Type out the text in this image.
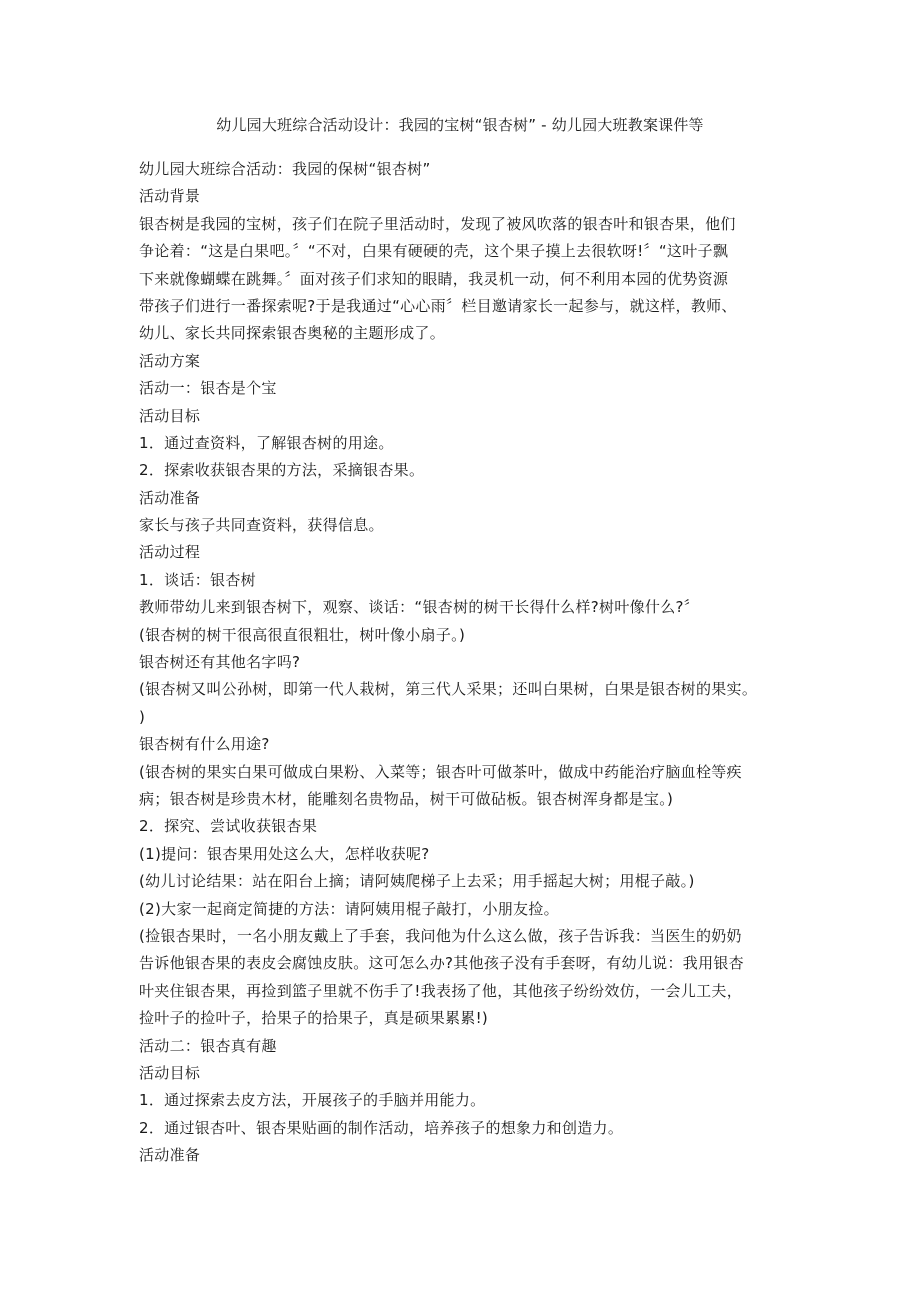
幼儿园大班综合活动设计：我园的宝树“银杏树” - 幼儿园大班教案课件等
幼儿园大班综合活动：我园的保树“银杏树”
活动背景
银杏树是我园的宝树，孩子们在院子里活动时，发现了被风吹落的银杏叶和银杏果，他们
争论着：“这是白果吧。〞“不对，白果有硬硬的壳，这个果子摸上去很软呀!〞“这叶子飘
下来就像蝴蝶在跳舞。〞面对孩子们求知的眼睛，我灵机一动，何不利用本园的优势资源
带孩子们进行一番探索呢?于是我通过“心心雨〞栏目邀请家长一起参与，就这样，教师、
幼儿、家长共同探索银杏奥秘的主题形成了。
活动方案
活动一：银杏是个宝
活动目标
1．通过查资料，了解银杏树的用途。
2．探索收获银杏果的方法，采摘银杏果。
活动准备
家长与孩子共同查资料，获得信息。
活动过程
1．谈话：银杏树
教师带幼儿来到银杏树下，观察、谈话：“银杏树的树干长得什么样?树叶像什么?〞
(银杏树的树干很高很直很粗壮，树叶像小扇子。)
银杏树还有其他名字吗?
(银杏树又叫公孙树，即第一代人栽树，第三代人采果；还叫白果树，白果是银杏树的果实。
)
银杏树有什么用途?
(银杏树的果实白果可做成白果粉、入菜等；银杏叶可做茶叶，做成中药能治疗脑血栓等疾
病；银杏树是珍贵木材，能雕刻名贵物品，树干可做砧板。银杏树浑身都是宝。)
2．探究、尝试收获银杏果
(1)提问：银杏果用处这么大，怎样收获呢?
(幼儿讨论结果：站在阳台上摘；请阿姨爬梯子上去采；用手摇起大树；用棍子敲。)
(2)大家一起商定简捷的方法：请阿姨用棍子敲打，小朋友捡。
(捡银杏果时，一名小朋友戴上了手套，我问他为什么这么做，孩子告诉我：当医生的奶奶
告诉他银杏果的表皮会腐蚀皮肤。这可怎么办?其他孩子没有手套呀，有幼儿说：我用银杏
叶夹住银杏果，再捡到篮子里就不伤手了!我表扬了他，其他孩子纷纷效仿，一会儿工夫，
捡叶子的捡叶子，拾果子的拾果子，真是硕果累累!)
活动二：银杏真有趣
活动目标
1．通过探索去皮方法，开展孩子的手脑并用能力。
2．通过银杏叶、银杏果贴画的制作活动，培养孩子的想象力和创造力。
活动准备
